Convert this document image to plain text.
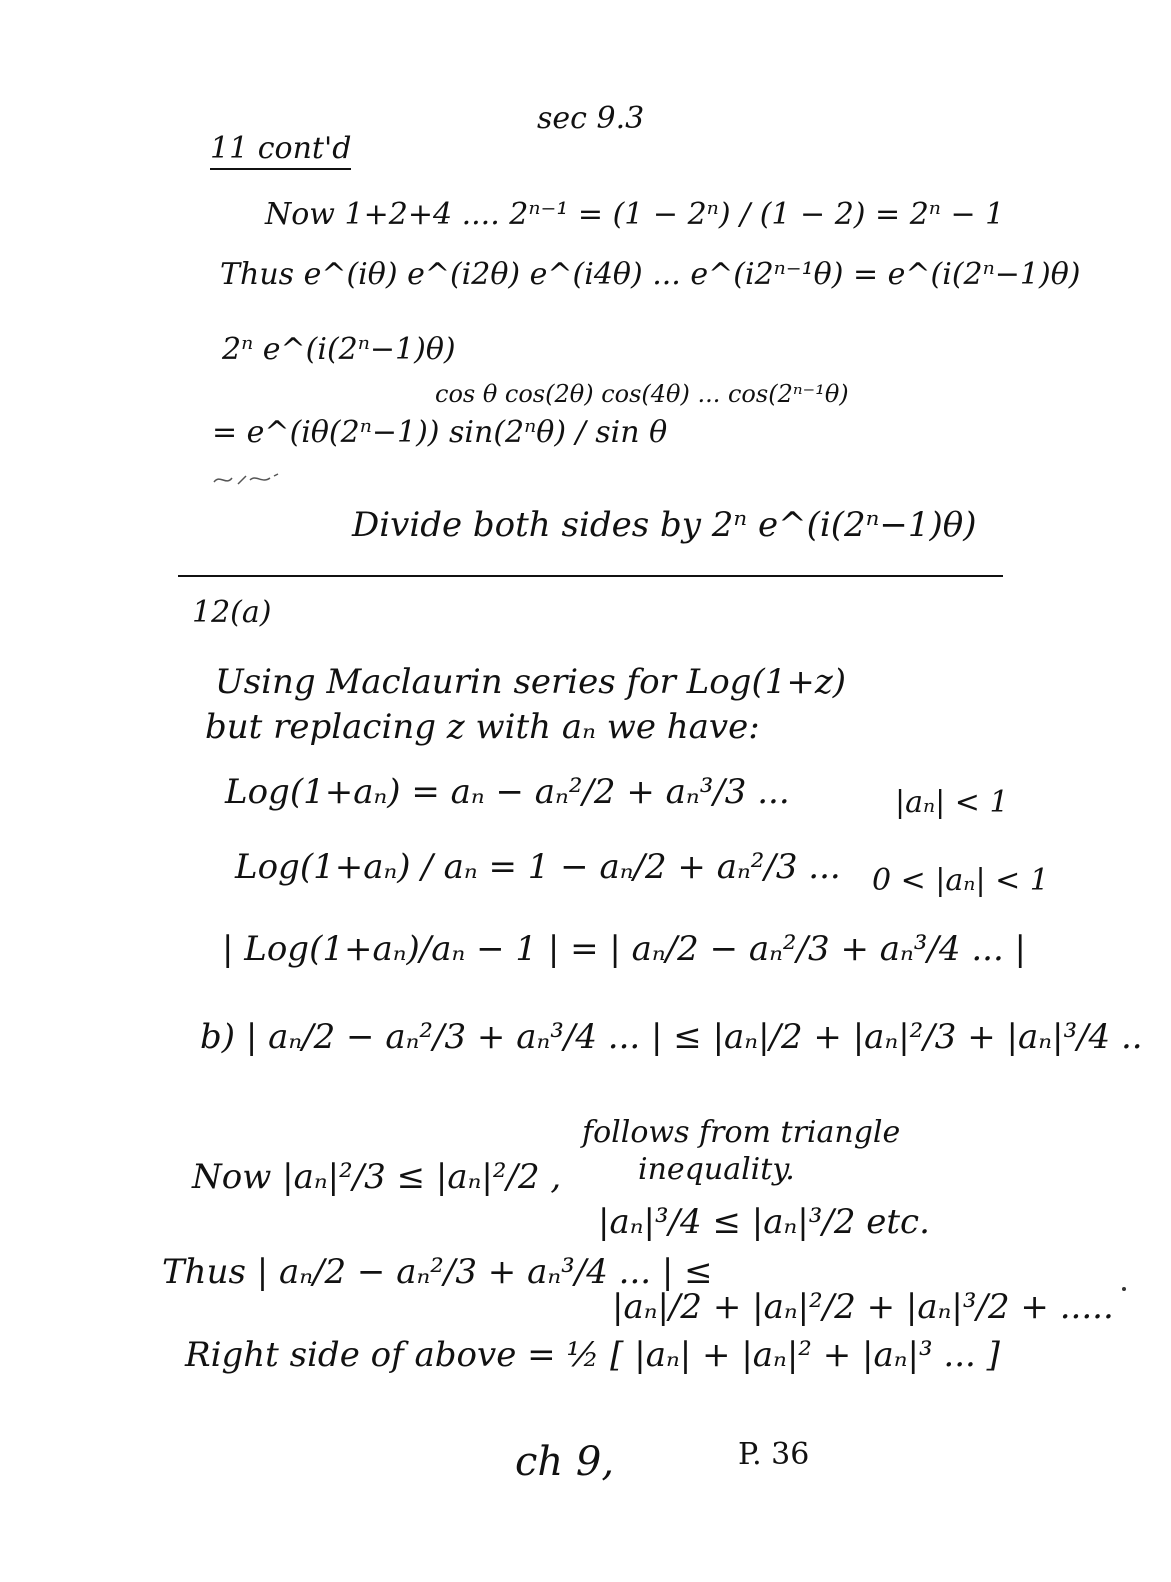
sec 9.3
11 cont'd
Now 1+2+4 .... 2ⁿ⁻¹ = (1 − 2ⁿ) / (1 − 2) = 2ⁿ − 1
Thus e^(iθ) e^(i2θ) e^(i4θ) ... e^(i2ⁿ⁻¹θ) = e^(i(2ⁿ−1)θ)
2ⁿ e^(i(2ⁿ−1)θ)
cos θ cos(2θ) cos(4θ) ... cos(2ⁿ⁻¹θ)
= e^(iθ(2ⁿ−1)) sin(2ⁿθ) / sin θ
Divide both sides by 2ⁿ e^(i(2ⁿ−1)θ)
12(a)
Using Maclaurin series for Log(1+z)
but replacing z with aₙ we have:
Log(1+aₙ) = aₙ − aₙ²/2 + aₙ³/3 ...	|aₙ| < 1
Log(1+aₙ) / aₙ = 1 − aₙ/2 + aₙ²/3 ... 0 < |aₙ| < 1
| Log(1+aₙ)/aₙ − 1 | = | aₙ/2 − aₙ²/3 + aₙ³/4 ... |
b) | aₙ/2 − aₙ²/3 + aₙ³/4 ... | ≤ |aₙ|/2 + |aₙ|²/3 + |aₙ|³/4 ..
follows from triangle
inequality.
Now |aₙ|²/3 ≤ |aₙ|²/2 ,
|aₙ|³/4 ≤ |aₙ|³/2 etc.
Thus | aₙ/2 − aₙ²/3 + aₙ³/4 ... | ≤
|aₙ|/2 + |aₙ|²/2 + |aₙ|³/2 + .....
Right side of above = ½ [ |aₙ| + |aₙ|² + |aₙ|³ ... ]
ch 9,	P. 36
